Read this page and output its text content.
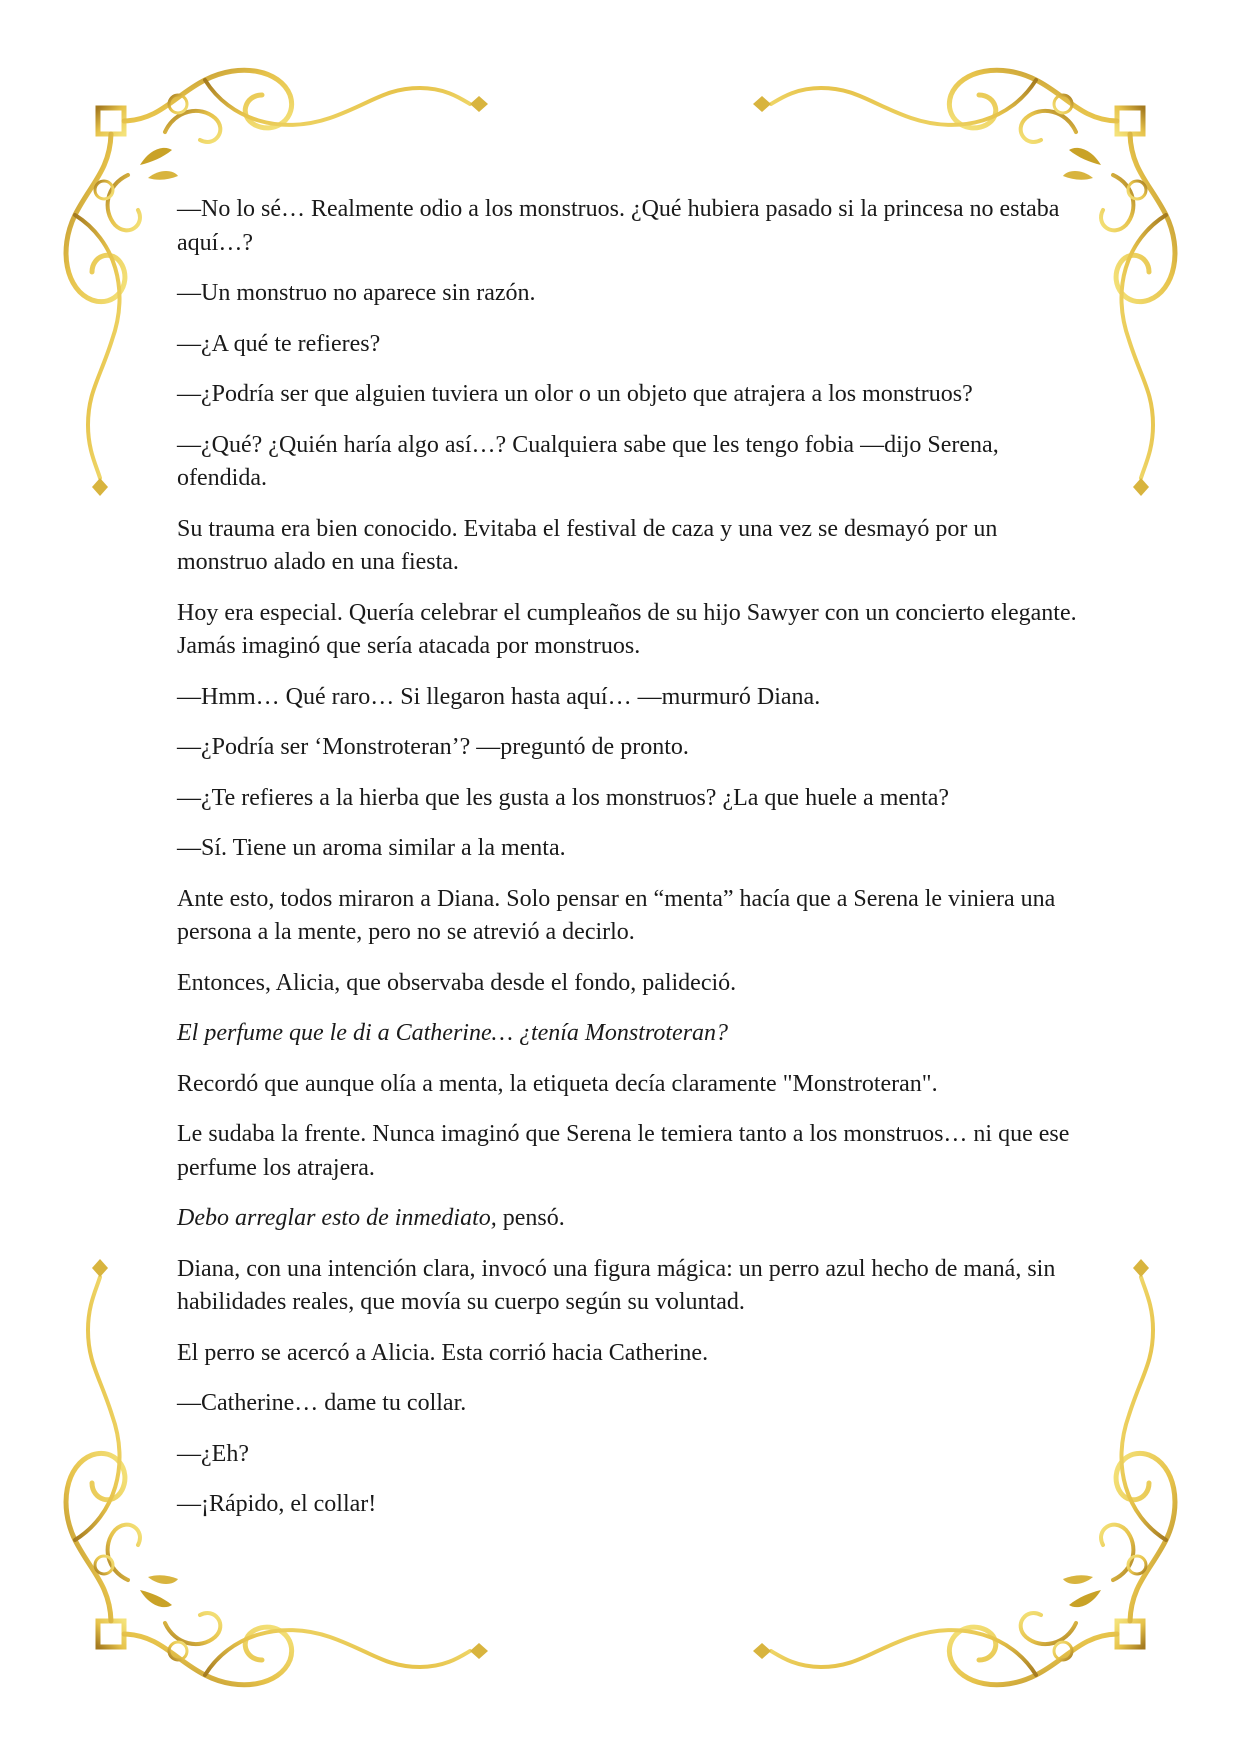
—No lo sé… Realmente odio a los monstruos. ¿Qué hubiera pasado si la princesa no estaba aquí…?

—Un monstruo no aparece sin razón.

—¿A qué te refieres?

—¿Podría ser que alguien tuviera un olor o un objeto que atrajera a los monstruos?

—¿Qué? ¿Quién haría algo así…? Cualquiera sabe que les tengo fobia —dijo Serena, ofendida.

Su trauma era bien conocido. Evitaba el festival de caza y una vez se desmayó por un monstruo alado en una fiesta.

Hoy era especial. Quería celebrar el cumpleaños de su hijo Sawyer con un concierto elegante. Jamás imaginó que sería atacada por monstruos.

—Hmm… Qué raro… Si llegaron hasta aquí… —murmuró Diana.

—¿Podría ser ‘Monstroteran’? —preguntó de pronto.

—¿Te refieres a la hierba que les gusta a los monstruos? ¿La que huele a menta?

—Sí. Tiene un aroma similar a la menta.

Ante esto, todos miraron a Diana. Solo pensar en “menta” hacía que a Serena le viniera una persona a la mente, pero no se atrevió a decirlo.

Entonces, Alicia, que observaba desde el fondo, palideció.

El perfume que le di a Catherine… ¿tenía Monstroteran?

Recordó que aunque olía a menta, la etiqueta decía claramente "Monstroteran".

Le sudaba la frente. Nunca imaginó que Serena le temiera tanto a los monstruos… ni que ese perfume los atrajera.

Debo arreglar esto de inmediato, pensó.

Diana, con una intención clara, invocó una figura mágica: un perro azul hecho de maná, sin habilidades reales, que movía su cuerpo según su voluntad.

El perro se acercó a Alicia. Esta corrió hacia Catherine.

—Catherine… dame tu collar.

—¿Eh?

—¡Rápido, el collar!
